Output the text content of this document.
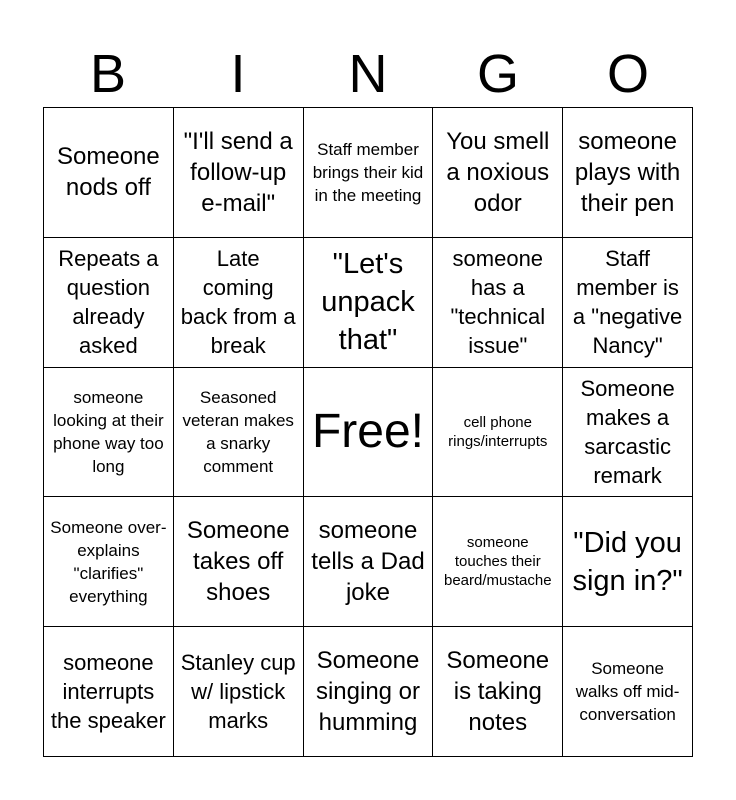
B	I	N	G	O
Someone nods off
"I'll send a follow-up e-mail"
Staff member brings their kid in the meeting
You smell a noxious odor
someone plays with their pen
Repeats a question already asked
Late coming back from a break
"Let's unpack that"
someone has a "technical issue"
Staff member is a "negative Nancy"
someone looking at their phone way too long
Seasoned veteran makes a snarky comment
Free!	cell phone rings/interrupts
Someone makes a sarcastic remark
Someone over-explains "clarifies" everything
Someone takes off shoes
someone tells a Dad joke
someone touches their beard/mustache
"Did you sign in?"
someone interrupts the speaker
Stanley cup w/ lipstick marks
Someone singing or humming
Someone is taking notes
Someone walks off mid-conversation
